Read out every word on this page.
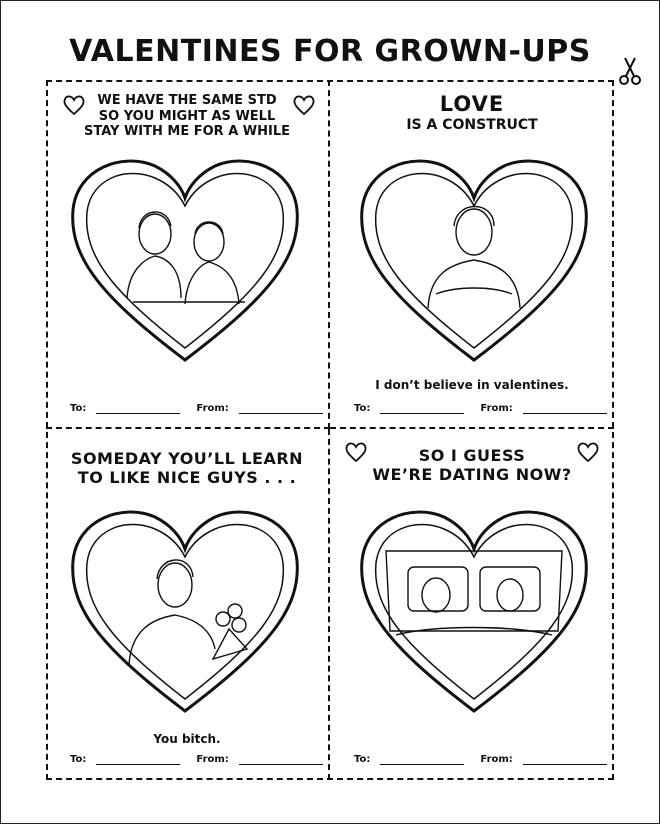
VALENTINES FOR GROWN-UPS
WE HAVE THE SAME STD
SO YOU MIGHT AS WELL
STAY WITH ME FOR A WHILE
To:	From:
LOVE
IS A CONSTRUCT
I don’t believe in valentines.
To:	From:
SOMEDAY YOU’LL LEARN
TO LIKE NICE GUYS . . .
You bitch.
To:	From:
SO I GUESS
WE’RE DATING NOW?
To:	From:
